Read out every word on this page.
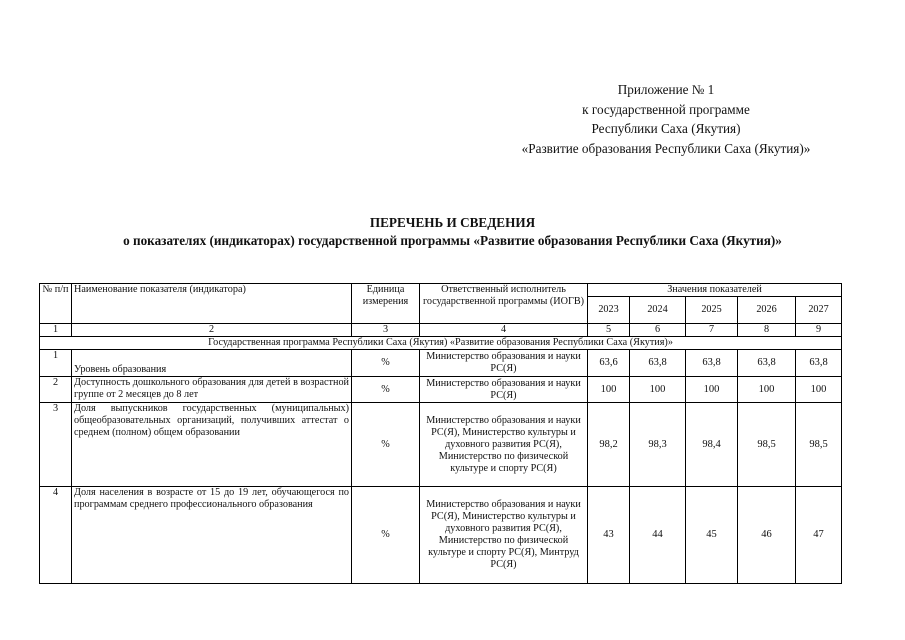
Приложение № 1
к государственной программе
Республики Саха (Якутия)
«Развитие образования Республики Саха (Якутия)»
ПЕРЕЧЕНЬ И СВЕДЕНИЯ
о показателях (индикаторах) государственной программы «Развитие образования Республики Саха (Якутия)»
№ п/п	Наименование показателя (индикатора)	Единица измерения	Ответственный исполнитель государственной программы (ИОГВ)	Значения показателей				
				2023	2024	2025	2026	2027
1	2	3	4	5	6	7	8	9
Государственная программа Республики Саха (Якутия) «Развитие образования Республики Саха (Якутия)»								
1	Уровень образования	%	Министерство образования и науки РС(Я)	63,6	63,8	63,8	63,8	63,8
2	Доступность дошкольного образования для детей в возрастной группе от 2 месяцев до 8 лет	%	Министерство образования и науки РС(Я)	100	100	100	100	100
3	Доля выпускников государственных (муниципальных) общеобразовательных организаций, получивших аттестат о среднем (полном) общем образовании	%	Министерство образования и науки РС(Я), Министерство культуры и духовного развития РС(Я), Министерство по физической культуре и спорту РС(Я)	98,2	98,3	98,4	98,5	98,5
4	Доля населения в возрасте от 15 до 19 лет, обучающегося по программам среднего профессионального образования	%	Министерство образования и науки РС(Я), Министерство культуры и духовного развития РС(Я), Министерство по физической культуре и спорту РС(Я), Минтруд РС(Я)	43	44	45	46	47
